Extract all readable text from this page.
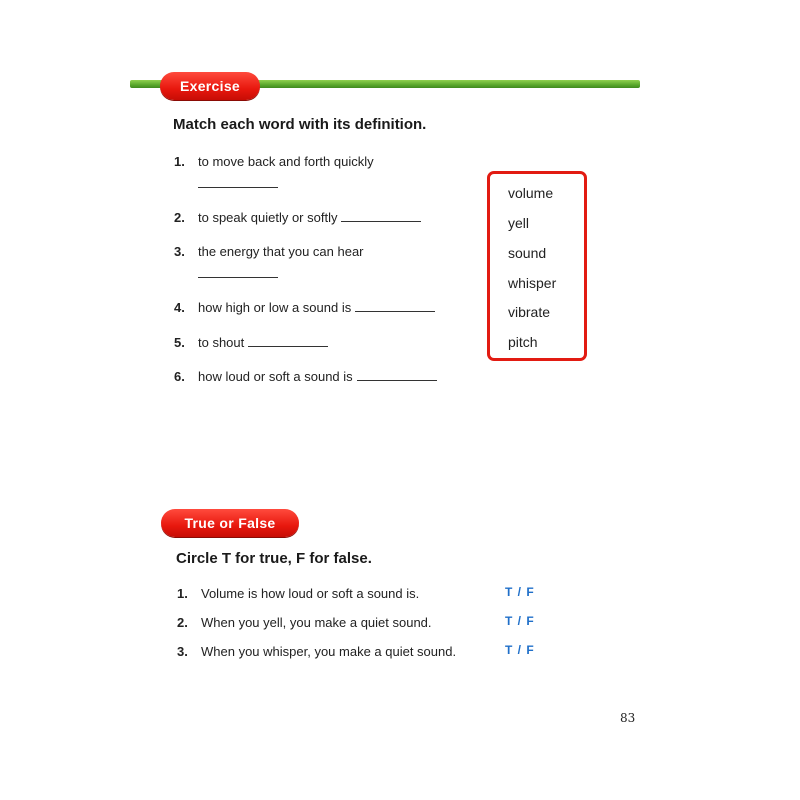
Exercise
Match each word with its definition.
1. to move back and forth quickly
2. to speak quietly or softly
3. the energy that you can hear
4. how high or low a sound is
5. to shout
6. how loud or soft a sound is
volume
yell
sound
whisper
vibrate
pitch
True or False
Circle T for true, F for false.
1. Volume is how loud or soft a sound is.	T / F
2. When you yell, you make a quiet sound.	T / F
3. When you whisper, you make a quiet sound.	T / F
83
